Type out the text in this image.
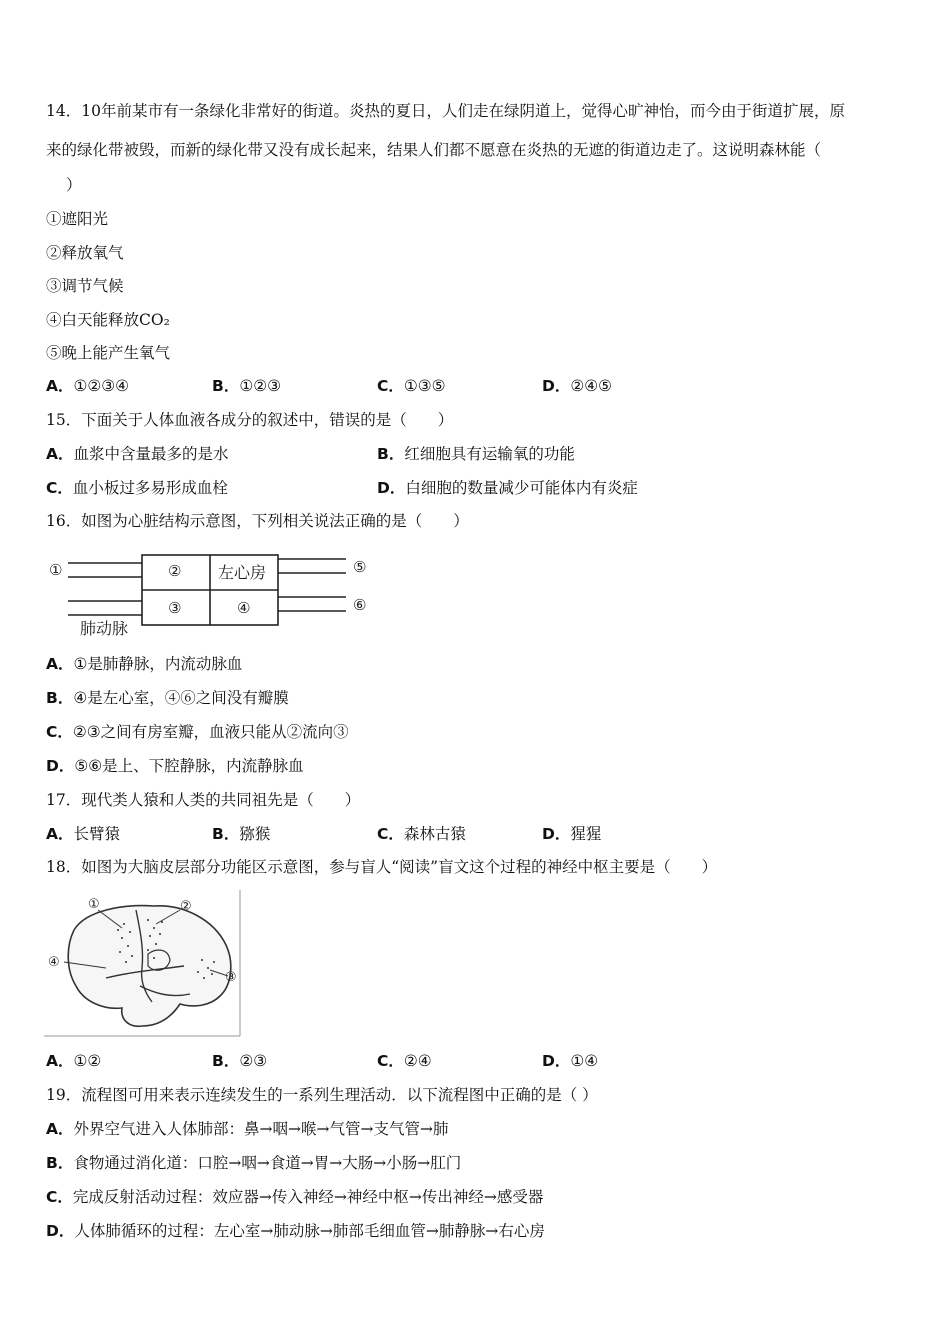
14．10年前某市有一条绿化非常好的街道。炎热的夏日，人们走在绿阴道上，觉得心旷神怡，而今由于街道扩展，原
来的绿化带被毁，而新的绿化带又没有成长起来，结果人们都不愿意在炎热的无遮的街道边走了。这说明森林能（
）
①遮阳光
②释放氧气
③调节气候
④白天能释放CO₂
⑤晚上能产生氧气
A．①②③④	B．①②③	C．①③⑤	D．②④⑤
15．下面关于人体血液各成分的叙述中，错误的是（　　）
A．血浆中含量最多的是水	B．红细胞具有运输氧的功能
C．血小板过多易形成血栓	D．白细胞的数量减少可能体内有炎症
16．如图为心脏结构示意图，下列相关说法正确的是（　　）
①	②
③	④
⑤
⑥
左心房
肺动脉
A．①是肺静脉，内流动脉血
B．④是左心室，④⑥之间没有瓣膜
C．②③之间有房室瓣，血液只能从②流向③
D．⑤⑥是上、下腔静脉，内流静脉血
17．现代类人猿和人类的共同祖先是（　　）
A．长臂猿	B．猕猴	C．森林古猿	D．猩猩
18．如图为大脑皮层部分功能区示意图，参与盲人“阅读”盲文这个过程的神经中枢主要是（　　）
①	②
③
④
A．①②	B．②③	C．②④	D．①④
19．流程图可用来表示连续发生的一系列生理活动．以下流程图中正确的是（ ）
A．外界空气进入人体肺部：鼻→咽→喉→气管→支气管→肺
B．食物通过消化道：口腔→咽→食道→胃→大肠→小肠→肛门
C．完成反射活动过程：效应器→传入神经→神经中枢→传出神经→感受器
D．人体肺循环的过程：左心室→肺动脉→肺部毛细血管→肺静脉→右心房
